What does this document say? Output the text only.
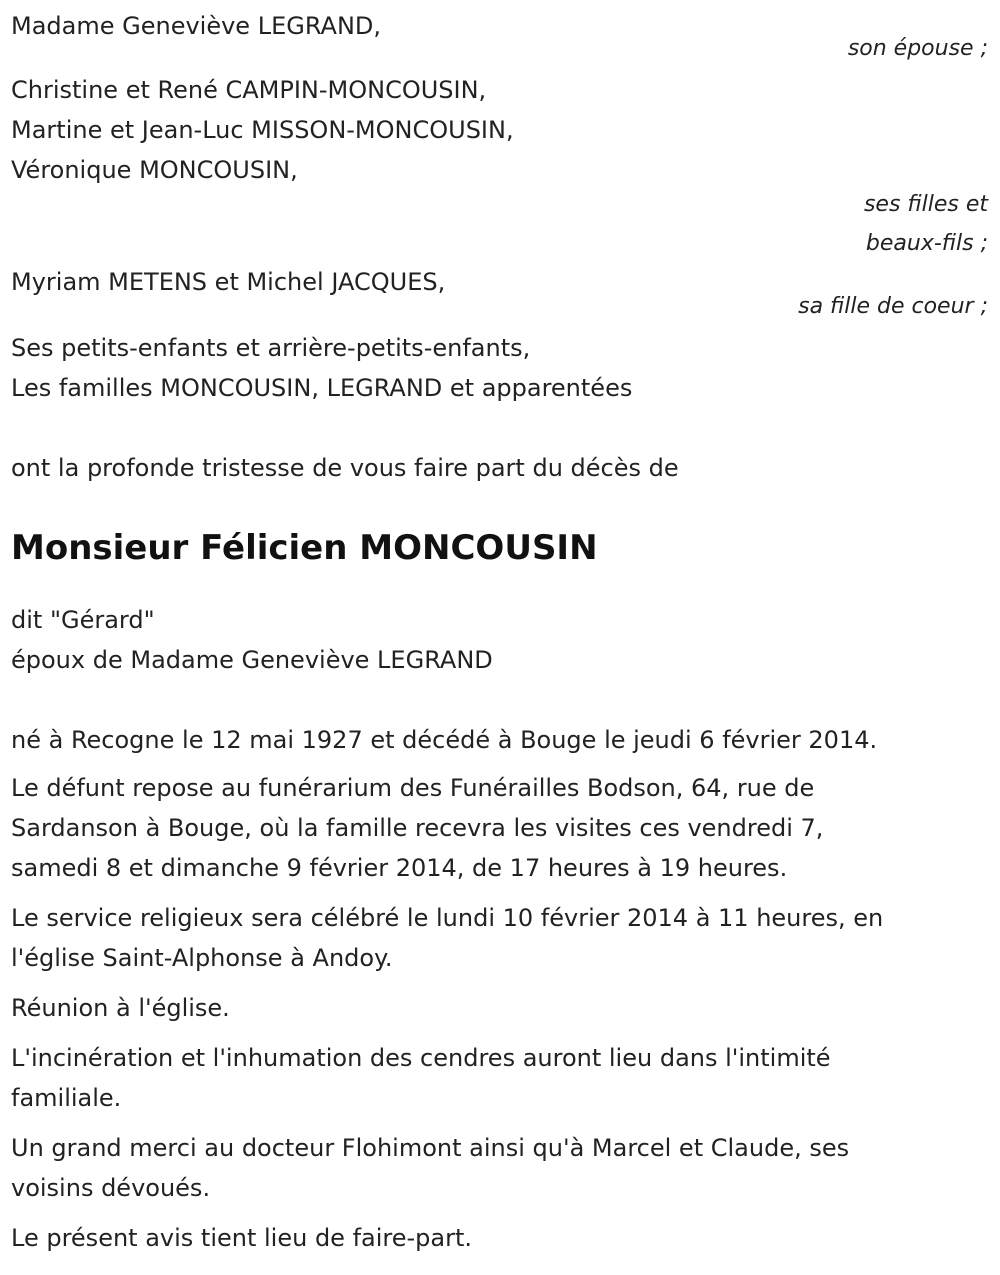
Madame Geneviève LEGRAND,
son épouse ;
Christine et René CAMPIN-MONCOUSIN,
Martine et Jean-Luc MISSON-MONCOUSIN,
Véronique MONCOUSIN,
ses filles et
beaux-fils ;
Myriam METENS et Michel JACQUES,
sa fille de coeur ;
Ses petits-enfants et arrière-petits-enfants,
Les familles MONCOUSIN, LEGRAND et apparentées
ont la profonde tristesse de vous faire part du décès de
Monsieur Félicien MONCOUSIN
dit "Gérard"
époux de Madame Geneviève LEGRAND
né à Recogne le 12 mai 1927 et décédé à Bouge le jeudi 6 février 2014.
Le défunt repose au funérarium des Funérailles Bodson, 64, rue de
Sardanson à Bouge, où la famille recevra les visites ces vendredi 7,
samedi 8 et dimanche 9 février 2014, de 17 heures à 19 heures.
Le service religieux sera célébré le lundi 10 février 2014 à 11 heures, en
l'église Saint-Alphonse à Andoy.
Réunion à l'église.
L'incinération et l'inhumation des cendres auront lieu dans l'intimité
familiale.
Un grand merci au docteur Flohimont ainsi qu'à Marcel et Claude, ses
voisins dévoués.
Le présent avis tient lieu de faire-part.
